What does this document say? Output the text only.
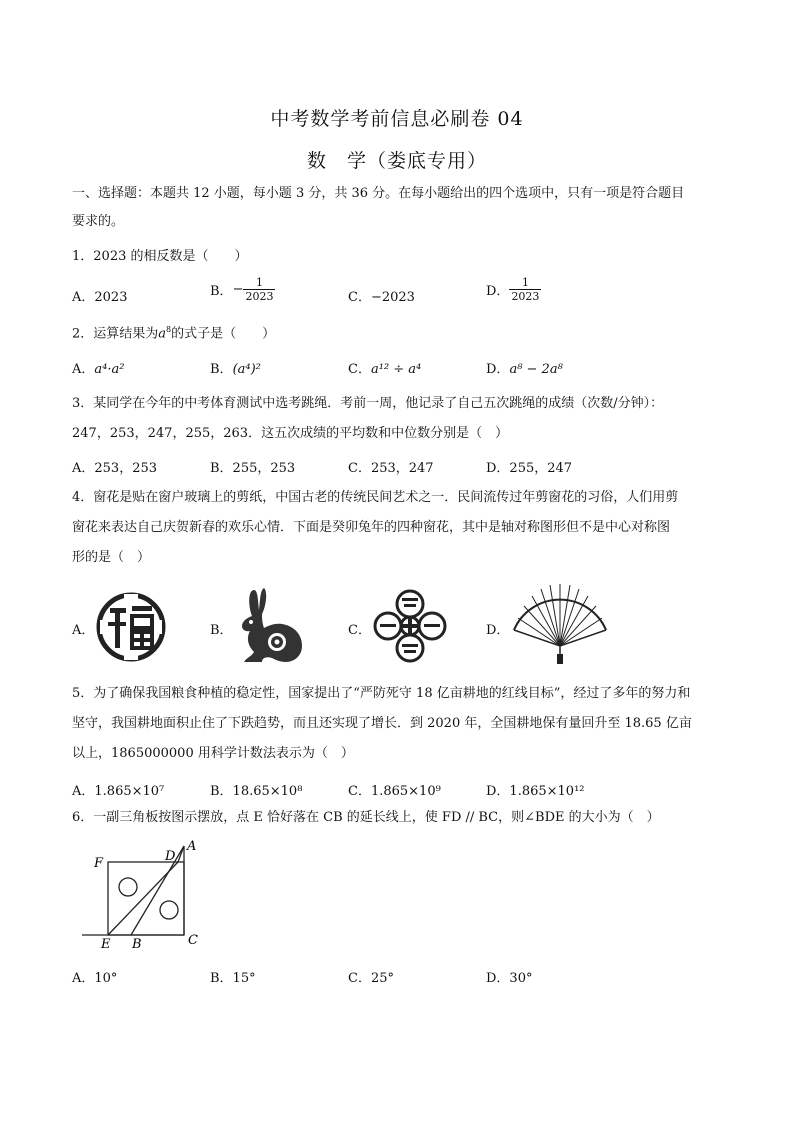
中考数学考前信息必刷卷 04
数　学（娄底专用）
一、选择题：本题共 12 小题，每小题 3 分，共 36 分。在每小题给出的四个选项中，只有一项是符合题目
要求的。
1．2023 的相反数是（　　）
A．2023	B．− $\frac{1}{2023}$	C．−2023	D． $\frac{1}{2023}$
2．运算结果为$a^8$的式子是（　　）
A．a⁴·a²	B．(a⁴)²	C．a¹² ÷ a⁴	D．a⁸ − 2a⁸
3．某同学在今年的中考体育测试中选考跳绳．考前一周，他记录了自己五次跳绳的成绩（次数/分钟）：
247，253，247，255，263．这五次成绩的平均数和中位数分别是（　）
A．253，253	B．255，253	C．253，247	D．255，247
4．窗花是贴在窗户玻璃上的剪纸，中国古老的传统民间艺术之一．民间流传过年剪窗花的习俗，人们用剪
窗花来表达自己庆贺新春的欢乐心情．下面是癸卯兔年的四种窗花，其中是轴对称图形但不是中心对称图
形的是（　）
A．	B．	C．	D．
5．为了确保我国粮食种植的稳定性，国家提出了“严防死守 18 亿亩耕地的红线目标”，经过了多年的努力和
坚守，我国耕地面积止住了下跌趋势，而且还实现了增长．到 2020 年，全国耕地保有量回升至 18.65 亿亩
以上，1865000000 用科学计数法表示为（　）
A．1.865×10⁷	B．18.65×10⁸	C．1.865×10⁹	D．1.865×10¹²
6．一副三角板按图示摆放，点 E 恰好落在 CB 的延长线上，使 FD // BC，则∠BDE 的大小为（　）
F	D
A
E B	C
A．10°	B．15°	C．25°	D．30°
